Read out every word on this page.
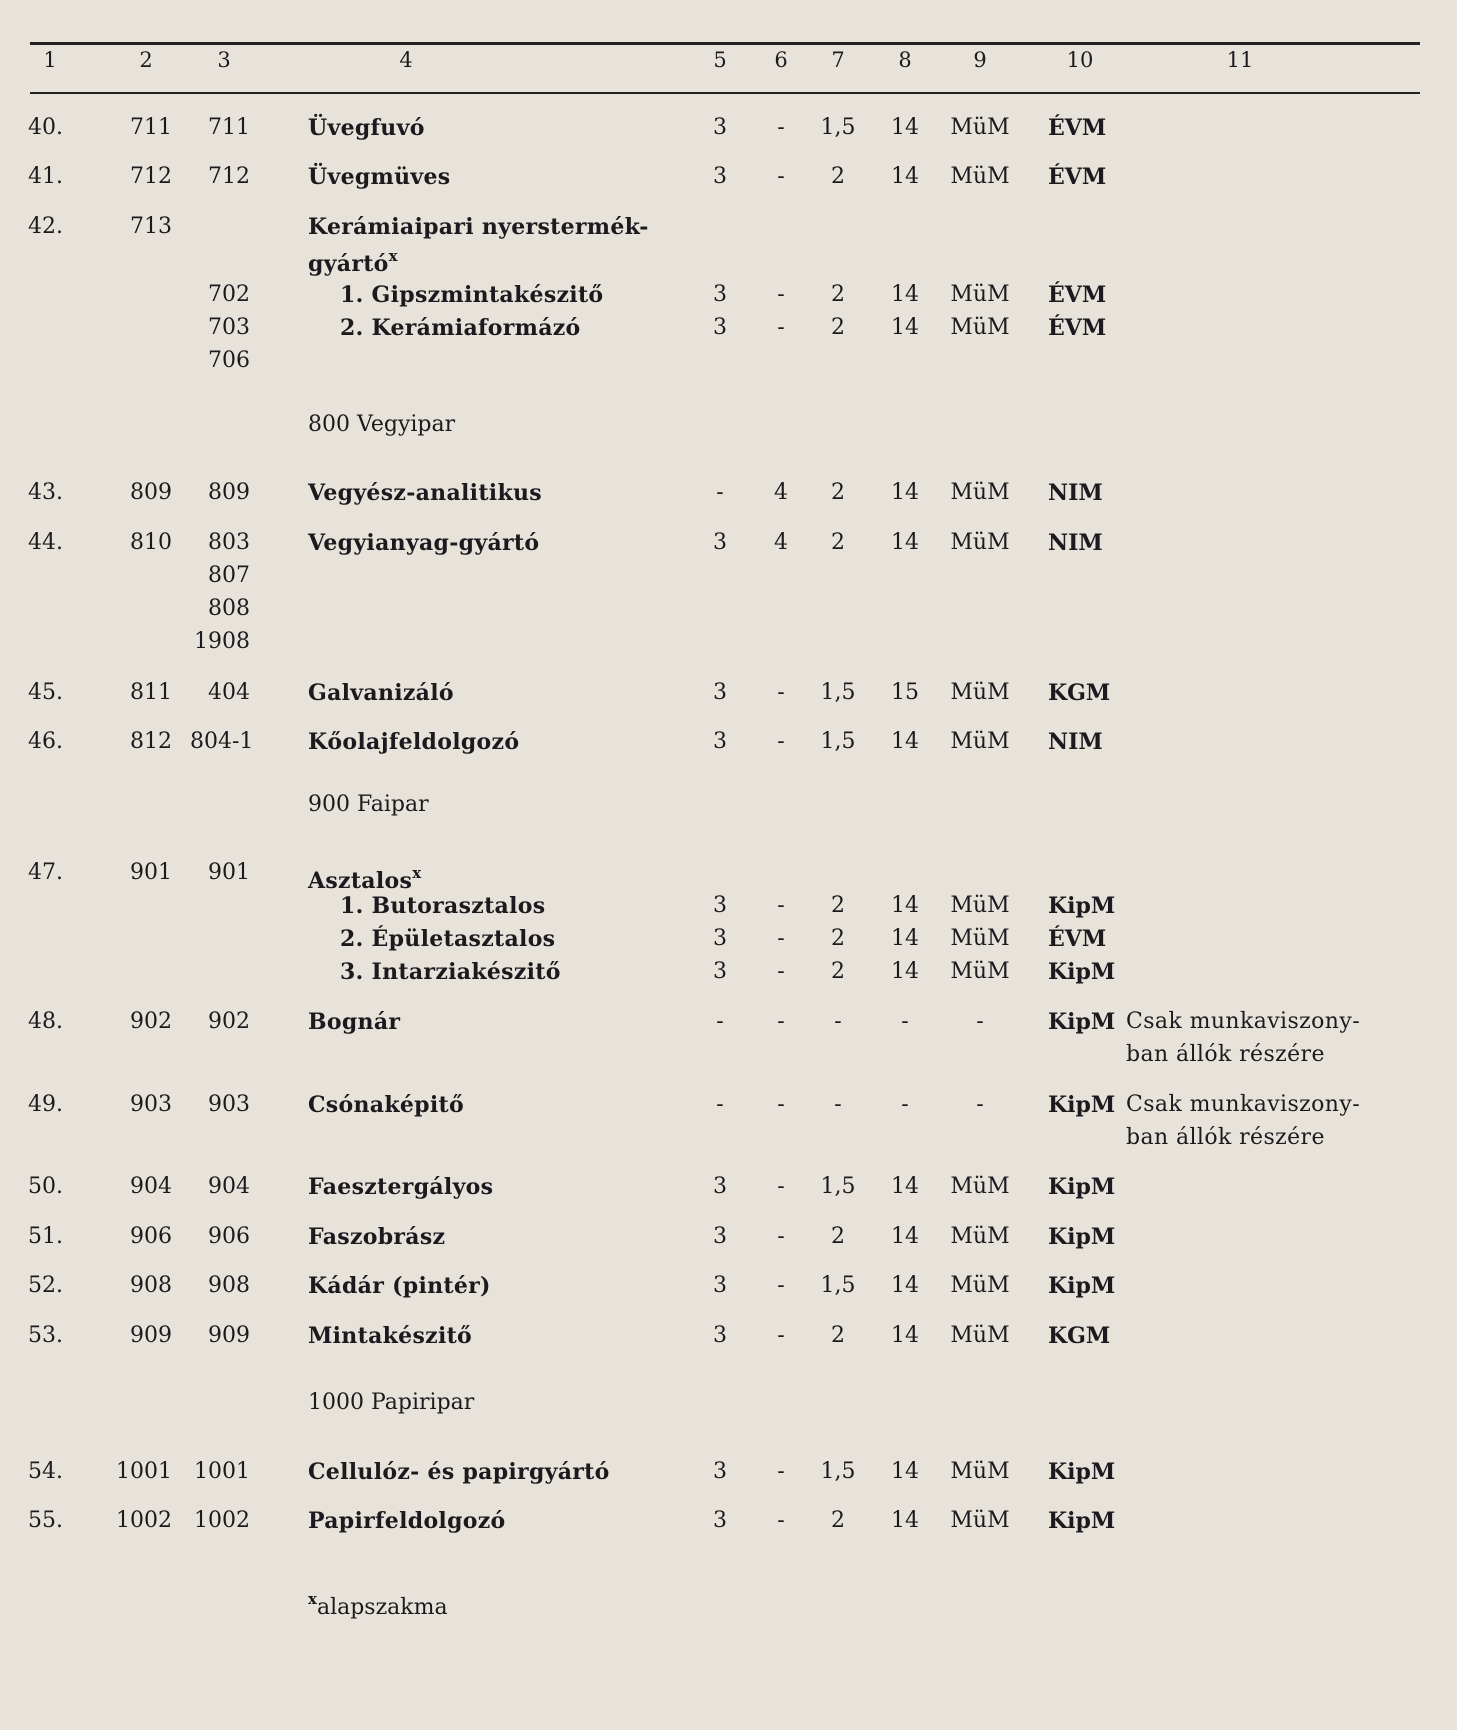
1	2	3	4	5 6 7	8	9	10	11
800 Vegyipar
900 Faipar
1000 Papiripar
40.	711	711	Üvegfuvó	3 - 1,5	14	MüM	ÉVM
41.	712	712	Üvegmüves	3 - 2	14	MüM	ÉVM
42.	713	Kerámiaipari nyerstermék-
gyártó$^x$
702	1. Gipszmintakészitő	3 - 2	14	MüM	ÉVM
703	2. Kerámiaformázó	3 - 2	14	MüM	ÉVM
706
43.	809	809	Vegyész-analitikus	- 4	2	14	MüM	NIM
44.	810	803	Vegyianyag-gyártó	3 4	2	14	MüM	NIM
807
808
1908
45.	811	404	Galvanizáló	3 - 1,5	15	MüM	KGM
46.	812 804-1 Kőolajfeldolgozó	3 - 1,5	14	MüM	NIM
47.	901	901	Asztalos$^x$
1. Butorasztalos	3 - 2	14	MüM	KipM
2. Épületasztalos	3 - 2	14	MüM	ÉVM
3. Intarziakészitő	3 - 2	14	MüM	KipM
48.	902	902	Bognár	- - -	-	-	KipM Csak munkaviszony-
ban állók részére
49.	903	903	Csónaképitő	- - -	-	-	KipM Csak munkaviszony-
ban állók részére
50.	904	904	Faesztergályos	3 - 1,5	14	MüM	KipM
51.	906	906	Faszobrász	3 - 2	14	MüM	KipM
52.	908	908	Kádár (pintér)	3 - 1,5	14	MüM	KipM
53.	909	909	Mintakészitő	3 - 2	14	MüM	KGM
54. 1001 1001	Cellulóz- és papirgyártó	3 - 1,5	14	MüM	KipM
55. 1002 1002	Papirfeldolgozó	3 - 2	14	MüM	KipM
$^x$alapszakma
